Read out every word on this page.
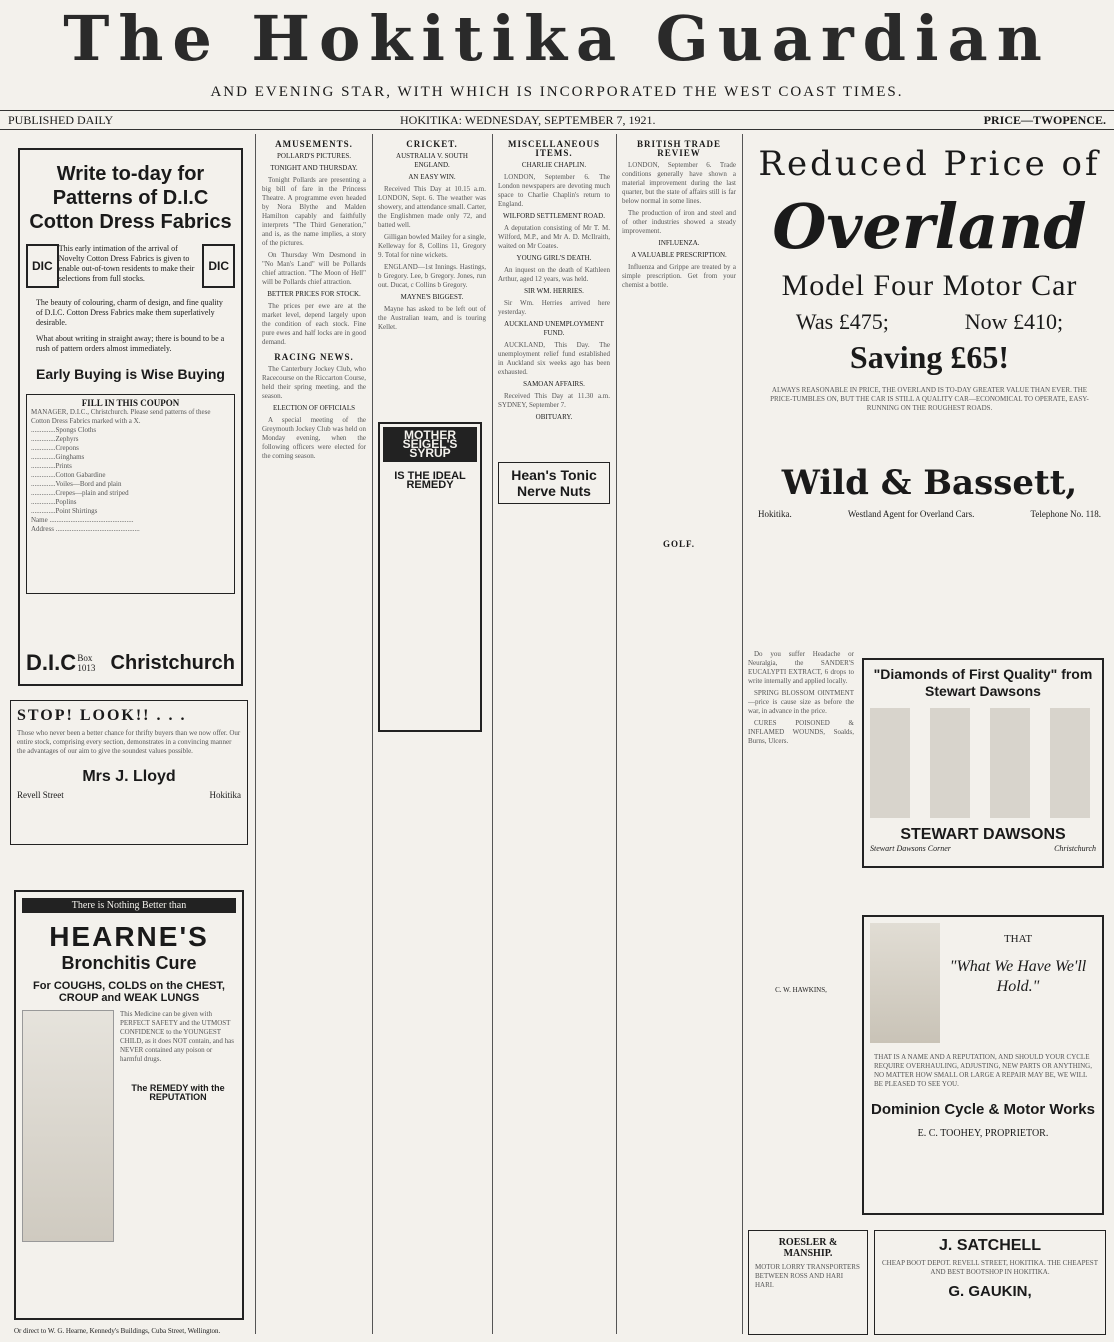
The Hokitika Guardian
AND EVENING STAR, WITH WHICH IS INCORPORATED THE WEST COAST TIMES.
PUBLISHED DAILY	HOKITIKA: WEDNESDAY, SEPTEMBER 7, 1921.	PRICE—TWOPENCE.
Write to-day for Patterns of D.I.C Cotton Dress Fabrics
DIC
This early intimation of the arrival of Novelty Cotton Dress Fabrics is given to enable out-of-town residents to make their selections from full stocks.
DIC
The beauty of colouring, charm of design, and fine quality of D.I.C. Cotton Dress Fabrics make them superlatively desirable.
What about writing in straight away; there is bound to be a rush of pattern orders almost immediately.
Early Buying is Wise Buying
FILL IN THIS COUPON
MANAGER, D.I.C., Christchurch. Please send patterns of these Cotton Dress Fabrics marked with a X.
..............Spongs Cloths
..............Zephyrs
..............Crepons
..............Ginghams
..............Prints
..............Cotton Gabardine
..............Voiles—Bord and plain
..............Crepes—plain and striped
..............Poplins
..............Point Shirtings
Name ................................................
Address ................................................
D.I.C Box 1013 Christchurch
STOP! LOOK!! . . .
Those who never been a better chance for thrifty buyers than we now offer. Our entire stock, comprising every section, demonstrates in a convincing manner the advantages of our aim to give the soundest values possible.
Mrs J. Lloyd
Revell Street	Hokitika
There is Nothing Better than
HEARNE'S
Bronchitis Cure
For COUGHS, COLDS on the CHEST, CROUP and WEAK LUNGS
This Medicine can be given with PERFECT SAFETY and the UTMOST CONFIDENCE to the YOUNGEST CHILD, as it does NOT contain, and has NEVER contained any poison or harmful drugs.
The REMEDY with the REPUTATION
Or direct to W. G. Hearne, Kennedy's Buildings, Cuba Street, Wellington.
AMUSEMENTS.
POLLARD'S PICTURES.
TONIGHT AND THURSDAY.

Tonight Pollards are presenting a big bill of fare in the Princess Theatre. A programme even headed by Nora Blythe and Malden Hamilton capably and faithfully interprets "The Third Generation," and is, as the name implies, a story of the pictures.

On Thursday Wm Desmond in "No Man's Land" will be Pollards chief attraction. "The Moon of Hell" will be Pollards chief attraction.

BETTER PRICES FOR STOCK.

The prices per ewe are at the market level, depend largely upon the condition of each stock. Fine pure ewes and half locks are in good demand.

RACING NEWS.

The Canterbury Jockey Club, who Racecourse on the Riccarton Course, held their spring meeting, and the season.

ELECTION OF OFFICIALS

A special meeting of the Greymouth Jockey Club was held on Monday evening, when the following officers were elected for the coming season.

CRICKET.
AUSTRALIA V. SOUTH ENGLAND.
AN EASY WIN.

Received This Day at 10.15 a.m. LONDON, Sept. 6. The weather was showery, and attendance small. Carter, the Englishmen made only 72, and batted well.

Gilligan bowled Mailey for a single, Kelleway for 8, Collins 11, Gregory 9. Total for nine wickets.

ENGLAND—1st Innings. Hastings, b Gregory. Lee, b Gregory. Jones, run out. Ducat, c Collins b Gregory.

MAYNE'S BIGGEST.

Mayne has asked to be left out of the Australian team, and is touring Kellet.

MOTHER SEIGEL'S SYRUP
IS THE IDEAL REMEDY
MISCELLANEOUS ITEMS.
CHARLIE CHAPLIN.

LONDON, September 6. The London newspapers are devoting much space to Charlie Chaplin's return to England.

WILFORD SETTLEMENT ROAD.

A deputation consisting of Mr T. M. Wilford, M.P., and Mr A. D. McIlraith, waited on Mr Coates.

YOUNG GIRL'S DEATH.

An inquest on the death of Kathleen Arthur, aged 12 years, was held.

SIR WM. HERRIES.

Sir Wm. Herries arrived here yesterday.

AUCKLAND UNEMPLOYMENT FUND.

AUCKLAND, This Day. The unemployment relief fund established in Auckland six weeks ago has been exhausted.

SAMOAN AFFAIRS.

Received This Day at 11.30 a.m. SYDNEY, September 7.

OBITUARY.
Hean's Tonic Nerve Nuts
BRITISH TRADE REVIEW

LONDON, September 6. Trade conditions generally have shown a material improvement during the last quarter, but the state of affairs still is far below normal in some lines.

The production of iron and steel and of other industries showed a steady improvement.

INFLUENZA.
A VALUABLE PRESCRIPTION.

Influenza and Grippe are treated by a simple prescription. Get from your chemist a bottle.

GOLF.
Reduced Price of
Overland
Model Four Motor Car
Was £475;	Now £410;
Saving £65!
ALWAYS REASONABLE IN PRICE, THE OVERLAND IS TO-DAY GREATER VALUE THAN EVER. THE PRICE-TUMBLES ON, BUT THE CAR IS STILL A QUALITY CAR—ECONOMICAL TO OPERATE, EASY-RUNNING ON THE ROUGHEST ROADS.
Wild & Bassett,
Hokitika.	Westland Agent for Overland Cars.	Telephone No. 118.

Do you suffer Headache or Neuralgia, the SANDER'S EUCALYPTI EXTRACT, 6 drops to write internally and applied locally.

SPRING BLOSSOM OINTMENT—price is cause size as before the war, in advance in the price.

CURES POISONED & INFLAMED WOUNDS, Soalds, Burns, Ulcers.

C. W. HAWKINS,
"Diamonds of First Quality" from Stewart Dawsons
STEWART DAWSONS
Stewart Dawsons Corner	Christchurch
THAT
"What We Have We'll Hold."
THAT IS A NAME AND A REPUTATION, AND SHOULD YOUR CYCLE REQUIRE OVERHAULING, ADJUSTING, NEW PARTS OR ANYTHING, NO MATTER HOW SMALL OR LARGE A REPAIR MAY BE, WE WILL BE PLEASED TO SEE YOU.
Dominion Cycle & Motor Works
E. C. TOOHEY, PROPRIETOR.
ROESLER & MANSHIP.
MOTOR LORRY TRANSPORTERS BETWEEN ROSS AND HARI HARI.
J. SATCHELL
CHEAP BOOT DEPOT. REVELL STREET, HOKITIKA. THE CHEAPEST AND BEST BOOTSHOP IN HOKITIKA.
G. GAUKIN,
